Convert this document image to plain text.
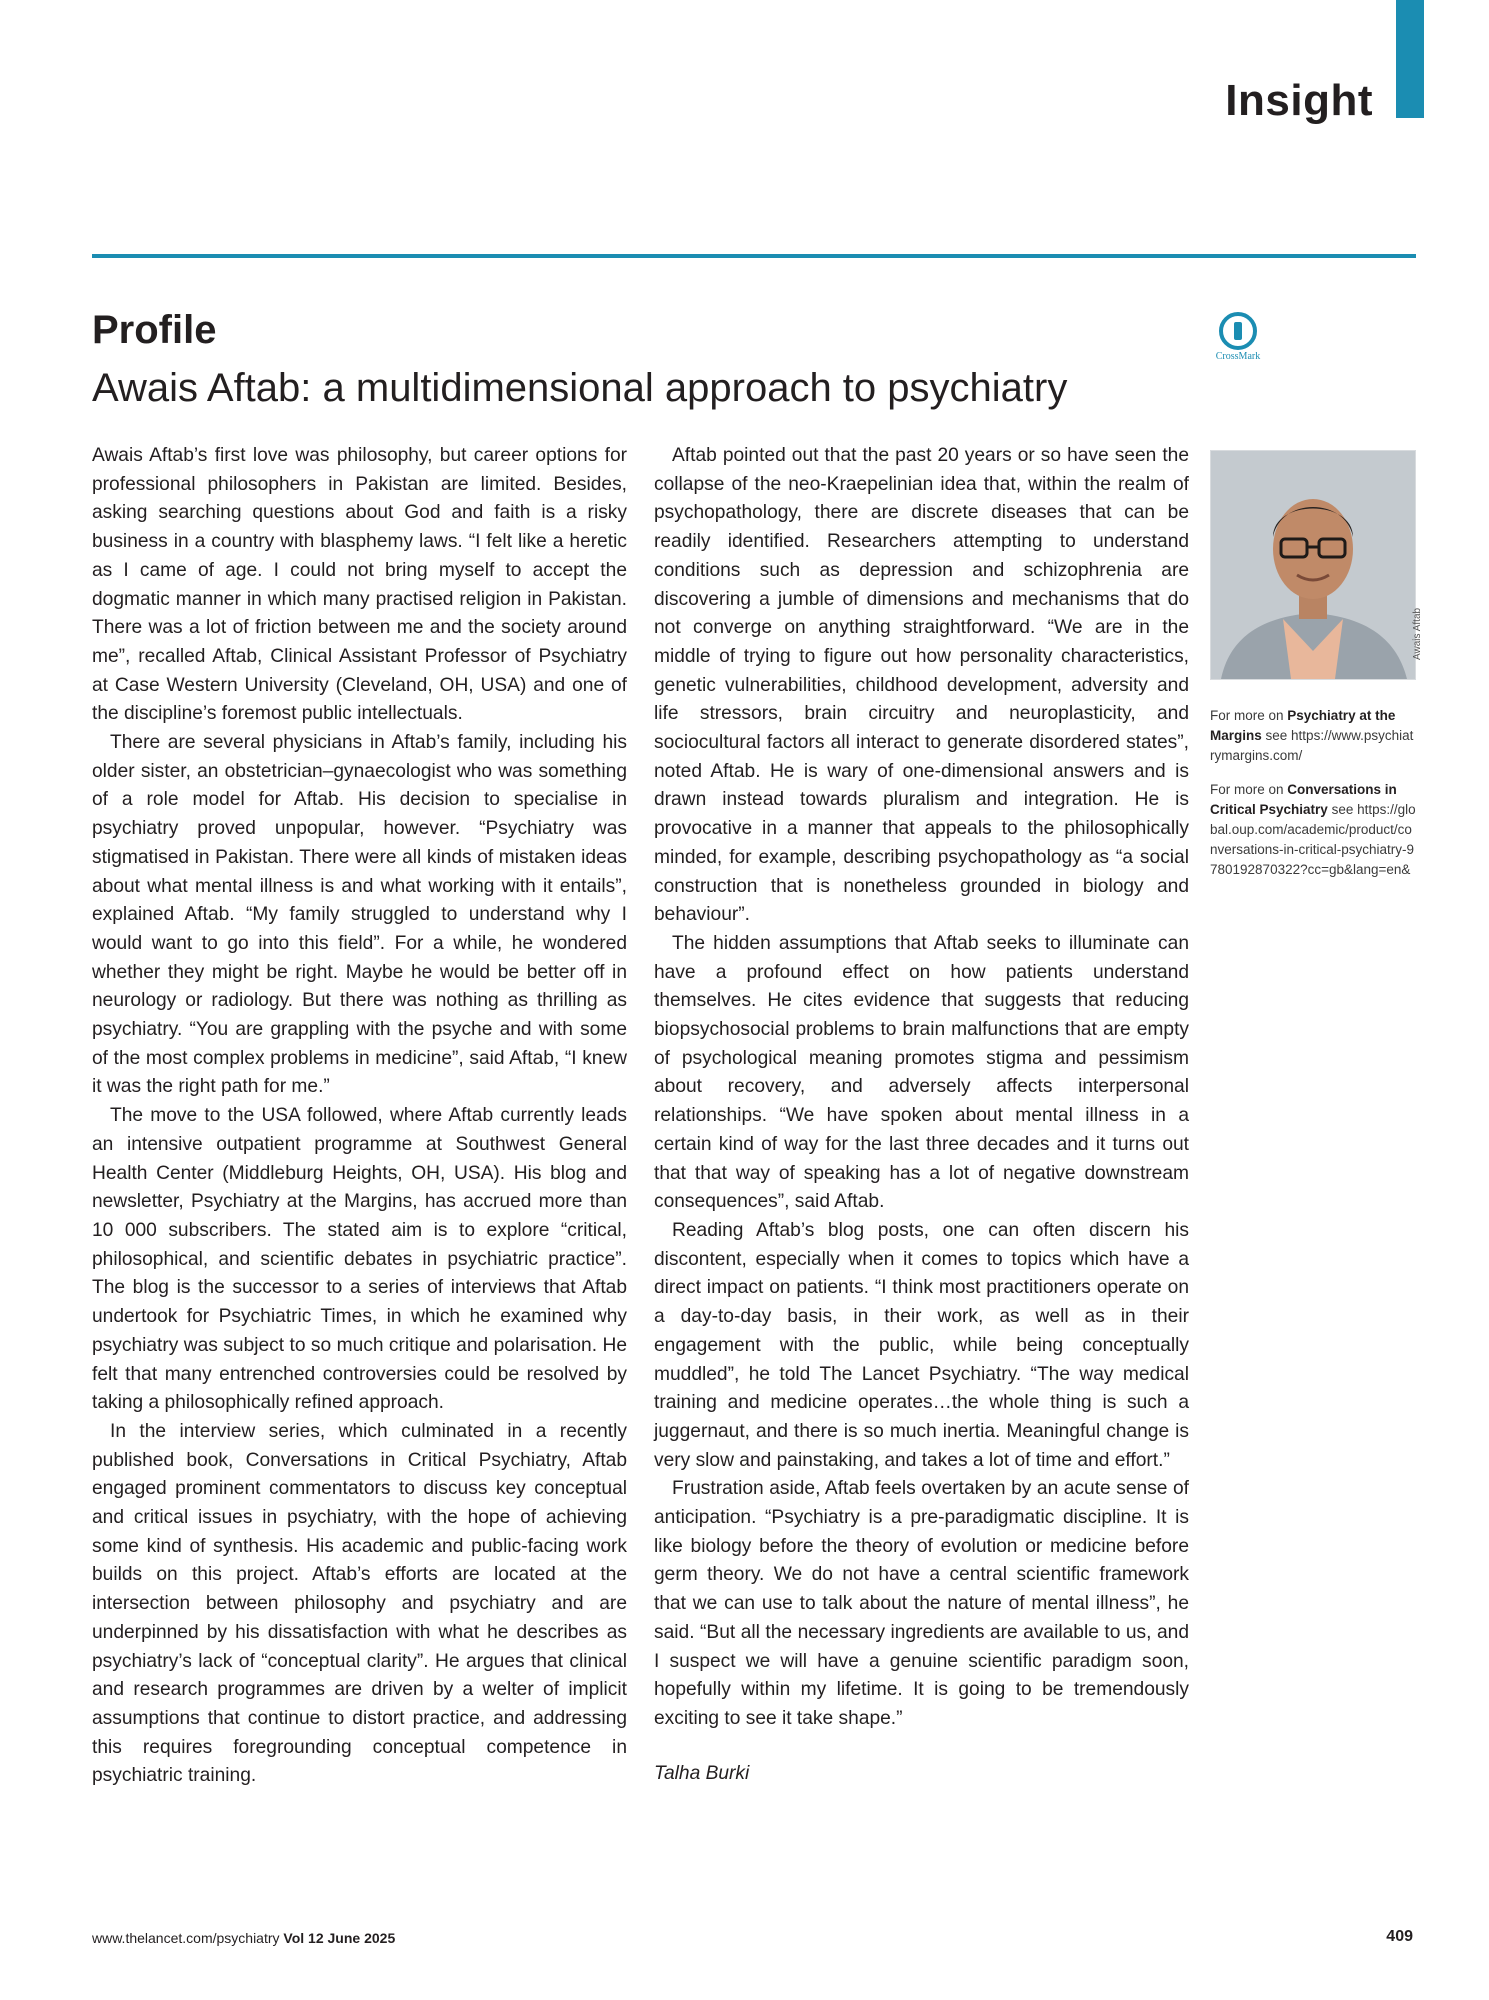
Insight
Profile
Awais Aftab: a multidimensional approach to psychiatry
CrossMark

Awais Aftab’s first love was philosophy, but career options for professional philosophers in Pakistan are limited. Besides, asking searching questions about God and faith is a risky business in a country with blasphemy laws. “I felt like a heretic as I came of age. I could not bring myself to accept the dogmatic manner in which many practised religion in Pakistan. There was a lot of friction between me and the society around me”, recalled Aftab, Clinical Assistant Professor of Psychiatry at Case Western University (Cleveland, OH, USA) and one of the discipline’s foremost public intellectuals.

There are several physicians in Aftab’s family, including his older sister, an obstetrician–gynaecologist who was something of a role model for Aftab. His decision to specialise in psychiatry proved unpopular, however. “Psychiatry was stigmatised in Pakistan. There were all kinds of mistaken ideas about what mental illness is and what working with it entails”, explained Aftab. “My family struggled to understand why I would want to go into this field”. For a while, he wondered whether they might be right. Maybe he would be better off in neurology or radiology. But there was nothing as thrilling as psychiatry. “You are grappling with the psyche and with some of the most complex problems in medicine”, said Aftab, “I knew it was the right path for me.”

The move to the USA followed, where Aftab currently leads an intensive outpatient programme at Southwest General Health Center (Middleburg Heights, OH, USA). His blog and newsletter, Psychiatry at the Margins, has accrued more than 10 000 subscribers. The stated aim is to explore “critical, philosophical, and scientific debates in psychiatric practice”. The blog is the successor to a series of interviews that Aftab undertook for Psychiatric Times, in which he examined why psychiatry was subject to so much critique and polarisation. He felt that many entrenched controversies could be resolved by taking a philosophically refined approach.

In the interview series, which culminated in a recently published book, Conversations in Critical Psychiatry, Aftab engaged prominent commentators to discuss key conceptual and critical issues in psychiatry, with the hope of achieving some kind of synthesis. His academic and public-facing work builds on this project. Aftab’s efforts are located at the intersection between philosophy and psychiatry and are underpinned by his dissatisfaction with what he describes as psychiatry’s lack of “conceptual clarity”. He argues that clinical and research programmes are driven by a welter of implicit assumptions that continue to distort practice, and addressing this requires foregrounding conceptual competence in psychiatric training.

Aftab pointed out that the past 20 years or so have seen the collapse of the neo-Kraepelinian idea that, within the realm of psychopathology, there are discrete diseases that can be readily identified. Researchers attempting to understand conditions such as depression and schizophrenia are discovering a jumble of dimensions and mechanisms that do not converge on anything straightforward. “We are in the middle of trying to figure out how personality characteristics, genetic vulnerabilities, childhood development, adversity and life stressors, brain circuitry and neuroplasticity, and sociocultural factors all interact to generate disordered states”, noted Aftab. He is wary of one-dimensional answers and is drawn instead towards pluralism and integration. He is provocative in a manner that appeals to the philosophically minded, for example, describing psychopathology as “a social construction that is nonetheless grounded in biology and behaviour”.

The hidden assumptions that Aftab seeks to illuminate can have a profound effect on how patients understand themselves. He cites evidence that suggests that reducing biopsychosocial problems to brain malfunctions that are empty of psychological meaning promotes stigma and pessimism about recovery, and adversely affects interpersonal relationships. “We have spoken about mental illness in a certain kind of way for the last three decades and it turns out that that way of speaking has a lot of negative downstream consequences”, said Aftab.

Reading Aftab’s blog posts, one can often discern his discontent, especially when it comes to topics which have a direct impact on patients. “I think most practitioners operate on a day-to-day basis, in their work, as well as in their engagement with the public, while being conceptually muddled”, he told The Lancet Psychiatry. “The way medical training and medicine operates…the whole thing is such a juggernaut, and there is so much inertia. Meaningful change is very slow and painstaking, and takes a lot of time and effort.”

Frustration aside, Aftab feels overtaken by an acute sense of anticipation. “Psychiatry is a pre-paradigmatic discipline. It is like biology before the theory of evolution or medicine before germ theory. We do not have a central scientific framework that we can use to talk about the nature of mental illness”, he said. “But all the necessary ingredients are available to us, and I suspect we will have a genuine scientific paradigm soon, hopefully within my lifetime. It is going to be tremendously exciting to see it take shape.”

Talha Burki

Awais Aftab
For more on Psychiatry at the Margins see https://www.psychiatrymargins.com/
For more on Conversations in Critical Psychiatry see https://global.oup.com/academic/product/conversations-in-critical-psychiatry-9780192870322?cc=gb&lang=en&
www.thelancet.com/psychiatry Vol 12 June 2025	409
